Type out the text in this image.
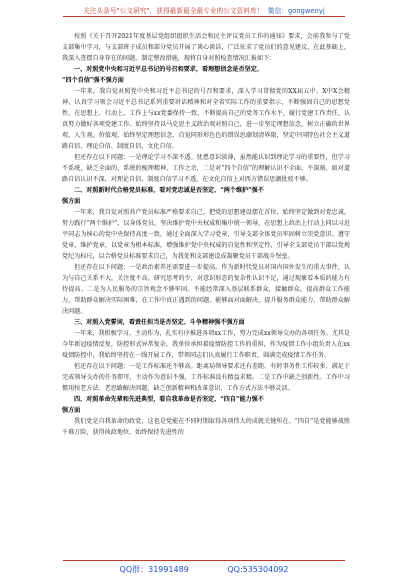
关注头条号"公文研究"，获得最新最全最专业的公文资料库！ 微信：gongwenyj

按照《关于召开2021年度基层党组织组织生活会和民主评议党员工作的通知》要求，会前我参与了党支部集中学习，与支部班子成员和部分党员开展了谈心谈话，广泛征求了党员们的意见建议，在此基础上，我深入查摆自身存在的问题，制定整改措施，现将自身对照检查情况汇报如下：

一、对照党中央和习近平总书记的号召和要求，看理想信念是否坚定、

“四个自信”强不强方面

一年来，我自觉对照党中央和习近平总书记的号召和要求，深入学习贯彻党的XX届五中、X中X会精神，认真学习领会习近平总书记系列重要讲话精神和对全省实际工作的重要指示，不断强固自己的思想党性、在思想上、行动上、工作上与xx党委保持一致，不断提高自己的党务工作水平，履行党建工作责任，认真努力做好各项党建工作。始终坚持以马克思主义政治观对照自己，进一步坚定理想信念，树立正确的世界观、人生观、价值观，始终坚定理想信念，自觉同形形色色的错误思潮划清界限，坚定中国特色社会主义道路自信、理论自信、制度自信、文化自信。

但还存在以下问题：一是理论学习不深不透。忧患意识淡薄，虽然能认识到理论学习的重要性，但学习不系统，缺乏全面的、系统的梳理精神，工作之余，二是对“四个自信”的理解认识不全面、不深刻、如对道路自信认识不深，对理论自信、制度自信学习不透，在文化自信上对西方错误思潮批驳不够。

二、对照新时代合格党员标准，看对党忠诚是否坚定、“两个维护”强不

强方面

一年来，我自觉对照共产党员标准严格要求自己，把党的思想建设摆在首位，始终坚定做到对党忠诚，努力践行“两个维护”，以身体党员，坚决维护党中央权威和集中统一领导，在思想上政治上行动上同以习近平同志为核心的党中央保持高度一致，通过全面深入学习党章，引导支部全体党员牢固树立崇党意识、遵守党章、维护党章，以党章为根本标准，增强维护党中央权威的自觉性和坚定性，引导全支部党员干部以党规党纪为标尺，以合格党员标准要求自己，为我处和支部建设成凝聚党员干部战斗堡垒。

但还存在以下问题：一是政治素养还需要进一步提高。作为新时代党员对国内国外发生的重大事件，认为与自己关系不大，关注度不高，研究思考的少，对意识形态的复杂性认识不足，通过现象看本质的能力有待提高。二是为人民服务的宗旨观念不够牢固。不能经常深入基层联系群众，接触群众，提高群众工作能力，帮助群众解决实际困难，在工作中真正遇到的问题，能够面对面解决，提升服务群众能力，帮助群众解决问题。

三、对照入党誓词，看责任担当是否坚定、斗争精神强不强方面

一年来，我积极学习，主动作为，扎实有序推进各项xx工作，努力完成xx领导交办的各项任务。尤其是今年新冠疫情反复，防控形式异常复杂，我单位承担着疫情防控工作的重担，作为疫情工作小组负责人在xx疫情防控中，我始终坚持在一线开展工作，带领同志们认真履行工作职责，圆满完成疫情工作任务。

但还存在以下问题：一是工作标准还不够高。距离局领导要求还有差距，有时事务性工作较多，满足于完成领导交办的任务即可，主动作为意识不强，工作标准没有精益求精。二是工作中缺乏创新性。工作中习惯用按老方法、老思路解决问题，缺乏创新精神和改革意识，工作方式方法不够灵活。

四、对照革命先辈和先进典型，看自我革命是否坚定、“四自”能力强不

强方面

我们党是自我革命的政党，这也是党能在不同时期取得各项伟大的成就关键所在。“四自”是党能够战胜千难万险，获得执政地位，始终保持先进性的

QQ群：31991489	QQ:535304092
